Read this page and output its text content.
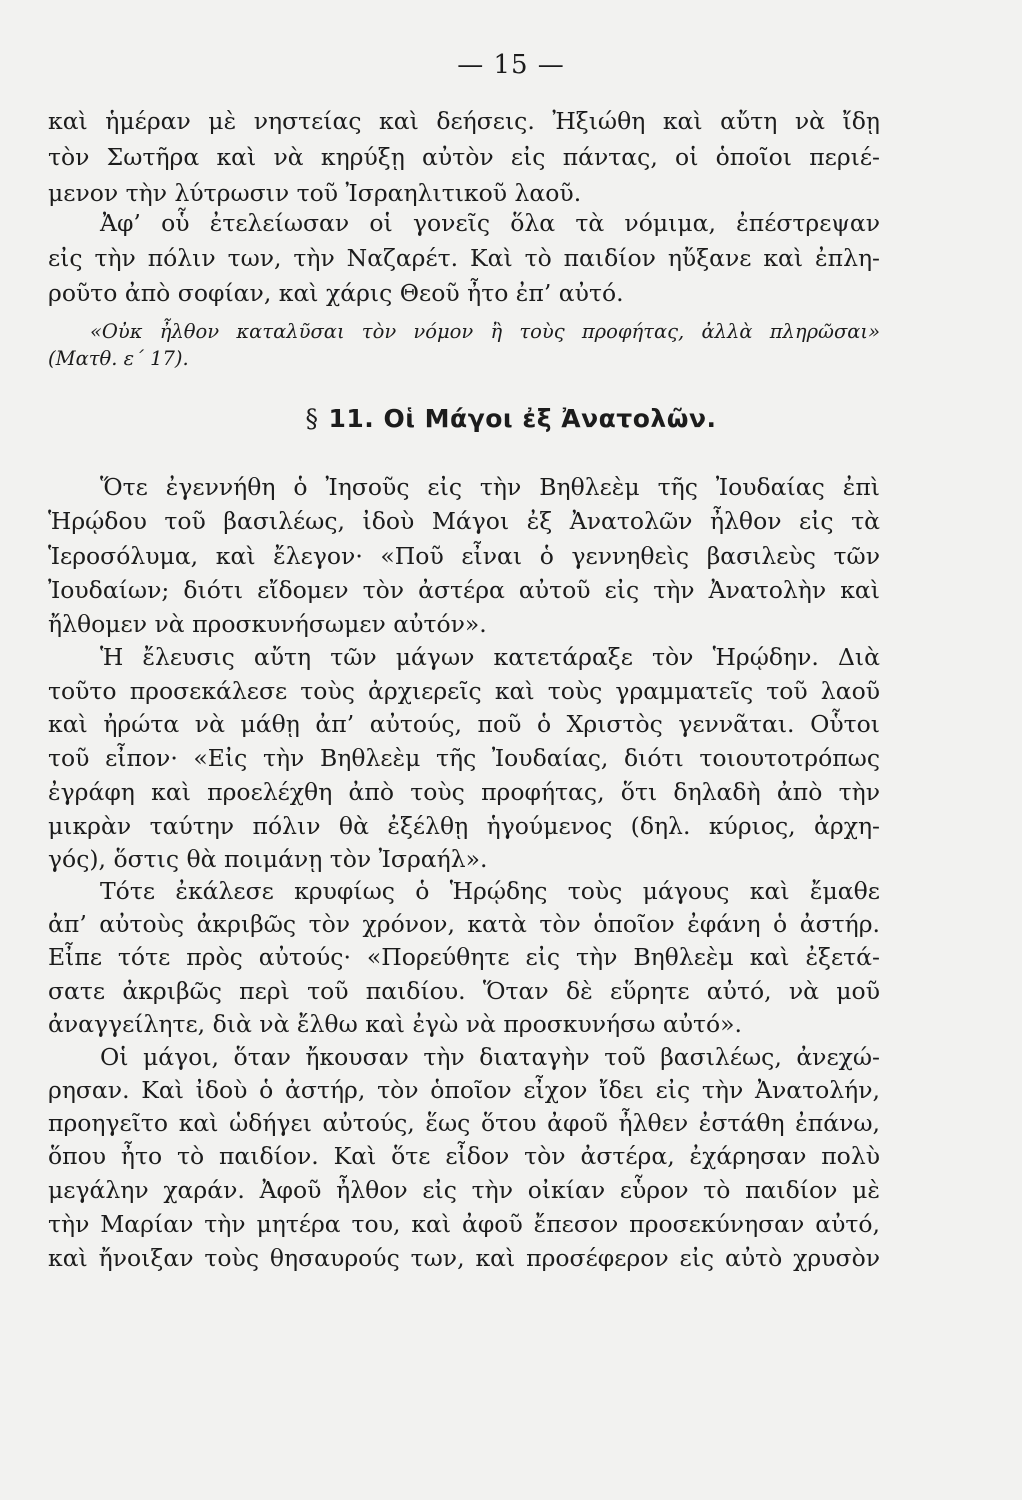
— 15 —
καὶ ἡμέραν μὲ νηστείας καὶ δεήσεις. Ἠξιώθη καὶ αὔτη νὰ ἴδῃ
τὸν Σωτῆρα καὶ νὰ κηρύξῃ αὐτὸν εἰς πάντας, οἱ ὁποῖοι περιέ-
μενον τὴν λύτρωσιν τοῦ Ἰσραηλιτικοῦ λαοῦ.
Ἀφ’ οὗ ἐτελείωσαν οἱ γονεῖς ὅλα τὰ νόμιμα, ἐπέστρεψαν
εἰς τὴν πόλιν των, τὴν Ναζαρέτ. Καὶ τὸ παιδίον ηὔξανε καὶ ἐπλη-
ροῦτο ἀπὸ σοφίαν, καὶ χάρις Θεοῦ ἦτο ἐπ’ αὐτό.
«Οὐκ ἦλθον καταλῦσαι τὸν νόμον ἢ τοὺς προφήτας, ἀλλὰ πληρῶσαι»
(Ματθ. ε΄ 17).
§ 11. Οἱ Μάγοι ἐξ Ἀνατολῶν.
Ὅτε ἐγεννήθη ὁ Ἰησοῦς εἰς τὴν Βηθλεὲμ τῆς Ἰουδαίας ἐπὶ
Ἡρῴδου τοῦ βασιλέως, ἰδοὺ Μάγοι ἐξ Ἀνατολῶν ἦλθον εἰς τὰ
Ἱεροσόλυμα, καὶ ἔλεγον· «Ποῦ εἶναι ὁ γεννηθεὶς βασιλεὺς τῶν
Ἰουδαίων; διότι εἴδομεν τὸν ἀστέρα αὐτοῦ εἰς τὴν Ἀνατολὴν καὶ
ἤλθομεν νὰ προσκυνήσωμεν αὐτόν».
Ἡ ἔλευσις αὔτη τῶν μάγων κατετάραξε τὸν Ἡρῴδην. Διὰ
τοῦτο προσεκάλεσε τοὺς ἀρχιερεῖς καὶ τοὺς γραμματεῖς τοῦ λαοῦ
καὶ ἠρώτα νὰ μάθῃ ἀπ’ αὐτούς, ποῦ ὁ Χριστὸς γεννᾶται. Οὗτοι
τοῦ εἶπον· «Εἰς τὴν Βηθλεὲμ τῆς Ἰουδαίας, διότι τοιουτοτρόπως
ἐγράφη καὶ προελέχθη ἀπὸ τοὺς προφήτας, ὅτι δηλαδὴ ἀπὸ τὴν
μικρὰν ταύτην πόλιν θὰ ἐξέλθῃ ἡγούμενος (δηλ. κύριος, ἀρχη-
γός), ὅστις θὰ ποιμάνῃ τὸν Ἰσραήλ».
Τότε ἐκάλεσε κρυφίως ὁ Ἡρῴδης τοὺς μάγους καὶ ἔμαθε
ἀπ’ αὐτοὺς ἀκριβῶς τὸν χρόνον, κατὰ τὸν ὁποῖον ἐφάνη ὁ ἀστήρ.
Εἶπε τότε πρὸς αὐτούς· «Πορεύθητε εἰς τὴν Βηθλεὲμ καὶ ἐξετά-
σατε ἀκριβῶς περὶ τοῦ παιδίου. Ὅταν δὲ εὕρητε αὐτό, νὰ μοῦ
ἀναγγείλητε, διὰ νὰ ἔλθω καὶ ἐγὼ νὰ προσκυνήσω αὐτό».
Οἱ μάγοι, ὅταν ἤκουσαν τὴν διαταγὴν τοῦ βασιλέως, ἀνεχώ-
ρησαν. Καὶ ἰδοὺ ὁ ἀστήρ, τὸν ὁποῖον εἶχον ἴδει εἰς τὴν Ἀνατολήν,
προηγεῖτο καὶ ὡδήγει αὐτούς, ἕως ὅτου ἀφοῦ ἦλθεν ἐστάθη ἐπάνω,
ὅπου ἦτο τὸ παιδίον. Καὶ ὅτε εἶδον τὸν ἀστέρα, ἐχάρησαν πολὺ
μεγάλην χαράν. Ἀφοῦ ἦλθον εἰς τὴν οἰκίαν εὗρον τὸ παιδίον μὲ
τὴν Μαρίαν τὴν μητέρα του, καὶ ἀφοῦ ἔπεσον προσεκύνησαν αὐτό,
καὶ ἤνοιξαν τοὺς θησαυρούς των, καὶ προσέφερον εἰς αὐτὸ χρυσὸν
